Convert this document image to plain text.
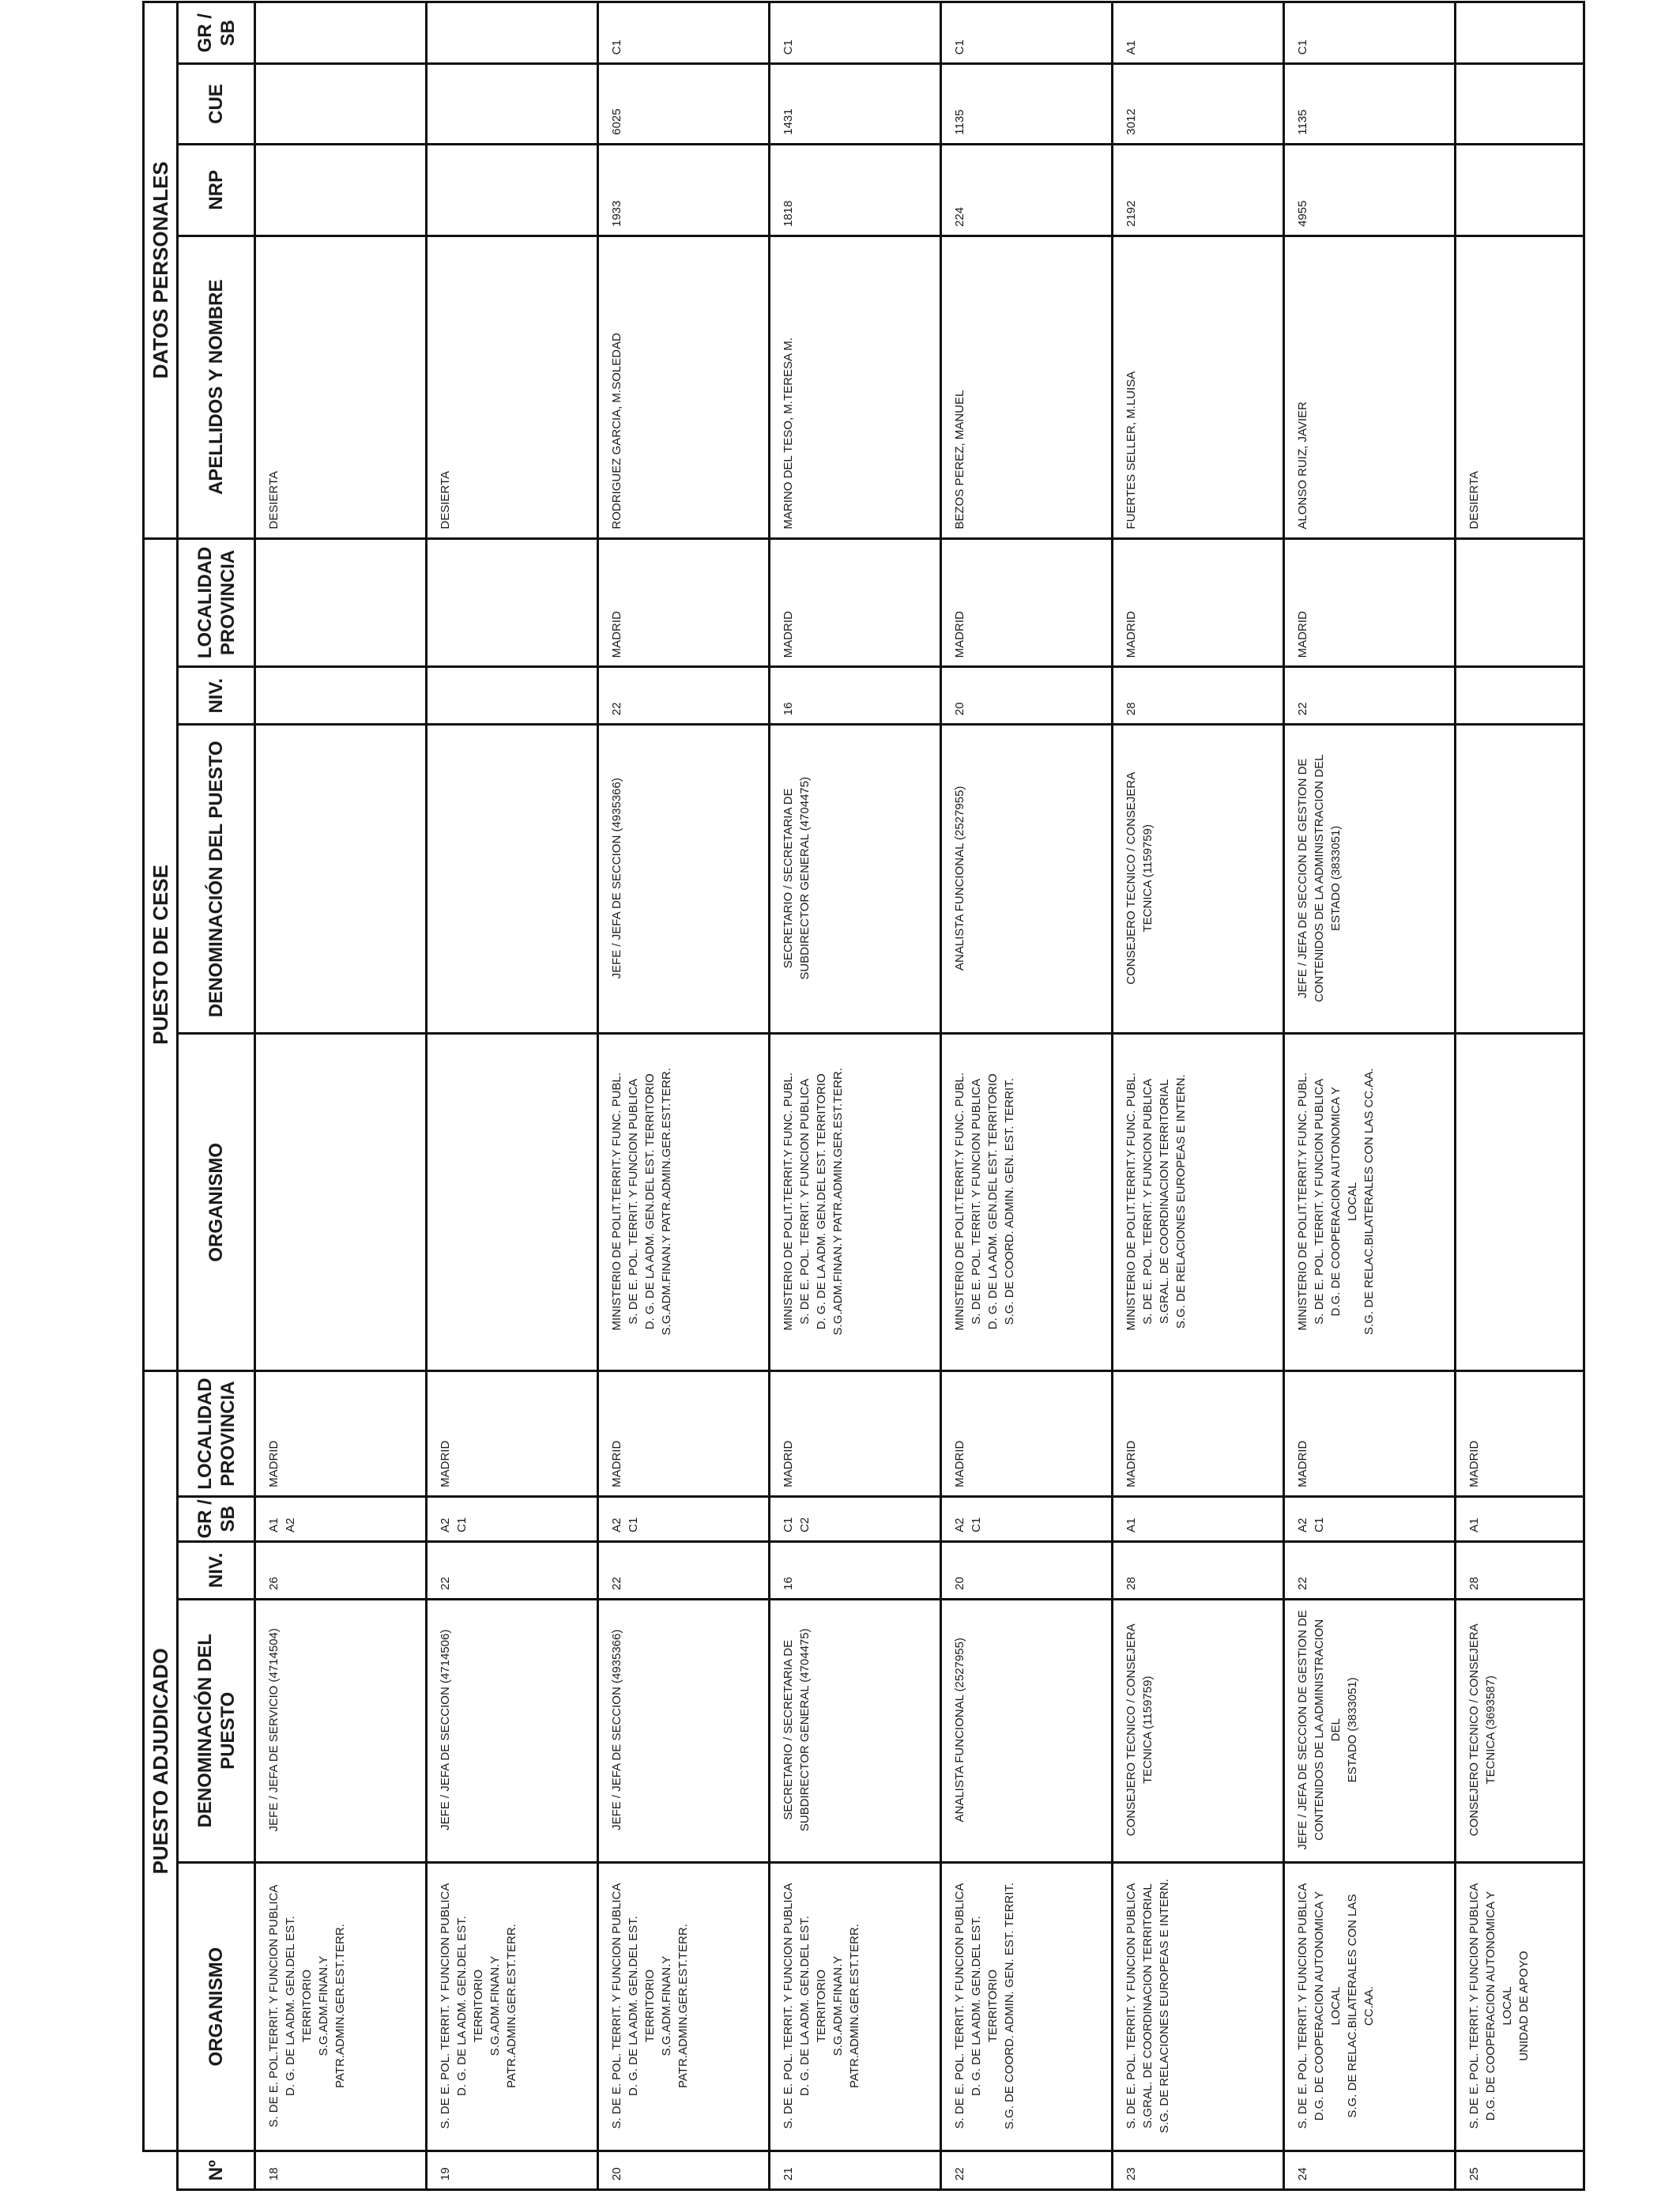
	PUESTO ADJUDICADO					PUESTO DE CESE				DATOS PERSONALES			
Nº	ORGANISMO	DENOMINACIÓN DEL PUESTO	NIV.	GR / SB	LOCALIDAD PROVINCIA	ORGANISMO	DENOMINACIÓN DEL PUESTO	NIV.	LOCALIDAD PROVINCIA	APELLIDOS Y NOMBRE	NRP	CUE	GR / SB
18	S. DE E. POL.TERRIT. Y FUNCION PUBLICA D. G. DE LA ADM. GEN.DEL EST. TERRITORIO S.G.ADM.FINAN.Y PATR.ADMIN.GER.EST.TERR.	JEFE / JEFA DE SERVICIO (4714504)	26	A1 A2	MADRID					DESIERTA			
19	S. DE E. POL. TERRIT. Y FUNCION PUBLICA D. G. DE LA ADM. GEN.DEL EST. TERRITORIO S.G.ADM.FINAN.Y PATR.ADMIN.GER.EST.TERR.	JEFE / JEFA DE SECCION (4714506)	22	A2 C1	MADRID					DESIERTA			
20	S. DE E. POL. TERRIT. Y FUNCION PUBLICA D. G. DE LA ADM. GEN.DEL EST. TERRITORIO S.G.ADM.FINAN.Y PATR.ADMIN.GER.EST.TERR.	JEFE / JEFA DE SECCION (4935366)	22	A2 C1	MADRID	MINISTERIO DE POLIT.TERRIT.Y FUNC. PUBL. S. DE E. POL. TERRIT. Y FUNCION PUBLICA D. G. DE LA ADM. GEN.DEL EST. TERRITORIO S.G.ADM.FINAN.Y PATR.ADMIN.GER.EST.TERR.	JEFE / JEFA DE SECCION (4935366)	22	MADRID	RODRIGUEZ GARCIA, M.SOLEDAD	1933	6025	C1
21	S. DE E. POL. TERRIT. Y FUNCION PUBLICA D. G. DE LA ADM. GEN.DEL EST. TERRITORIO S.G.ADM.FINAN.Y PATR.ADMIN.GER.EST.TERR.	SECRETARIO / SECRETARIA DE SUBDIRECTOR GENERAL (4704475)	16	C1 C2	MADRID	MINISTERIO DE POLIT.TERRIT.Y FUNC. PUBL. S. DE E. POL. TERRIT. Y FUNCION PUBLICA D. G. DE LA ADM. GEN.DEL EST. TERRITORIO S.G.ADM.FINAN.Y PATR.ADMIN.GER.EST.TERR.	SECRETARIO / SECRETARIA DE SUBDIRECTOR GENERAL (4704475)	16	MADRID	MARINO DEL TESO, M.TERESA M.	1818	1431	C1
22	S. DE E. POL. TERRIT. Y FUNCION PUBLICA D. G. DE LA ADM. GEN.DEL EST. TERRITORIO S.G. DE COORD. ADMIN. GEN. EST. TERRIT.	ANALISTA FUNCIONAL (2527955)	20	A2 C1	MADRID	MINISTERIO DE POLIT.TERRIT.Y FUNC. PUBL. S. DE E. POL. TERRIT. Y FUNCION PUBLICA D. G. DE LA ADM. GEN.DEL EST. TERRITORIO S.G. DE COORD. ADMIN. GEN. EST. TERRIT.	ANALISTA FUNCIONAL (2527955)	20	MADRID	BEZOS PEREZ, MANUEL	224	1135	C1
23	S. DE E. POL. TERRIT. Y FUNCION PUBLICA S.GRAL. DE COORDINACION TERRITORIAL S.G. DE RELACIONES EUROPEAS E INTERN.	CONSEJERO TECNICO / CONSEJERA TECNICA (1159759)	28	A1	MADRID	MINISTERIO DE POLIT.TERRIT.Y FUNC. PUBL. S. DE E. POL. TERRIT. Y FUNCION PUBLICA S.GRAL. DE COORDINACION TERRITORIAL S.G. DE RELACIONES EUROPEAS E INTERN.	CONSEJERO TECNICO / CONSEJERA TECNICA (1159759)	28	MADRID	FUERTES SELLER, M.LUISA	2192	3012	A1
24	S. DE E. POL. TERRIT. Y FUNCION PUBLICA D.G. DE COOPERACION AUTONOMICA Y LOCAL S.G. DE RELAC.BILATERALES CON LAS CC.AA.	JEFE / JEFA DE SECCION DE GESTION DE CONTENIDOS DE LA ADMINISTRACION DEL ESTADO (3833051)	22	A2 C1	MADRID	MINISTERIO DE POLIT.TERRIT.Y FUNC. PUBL. S. DE E. POL. TERRIT. Y FUNCION PUBLICA D.G. DE COOPERACION AUTONOMICA Y LOCAL S.G. DE RELAC.BILATERALES CON LAS CC.AA.	JEFE / JEFA DE SECCION DE GESTION DE CONTENIDOS DE LA ADMINISTRACION DEL ESTADO (3833051)	22	MADRID	ALONSO RUIZ, JAVIER	4955	1135	C1
25	S. DE E. POL. TERRIT. Y FUNCION PUBLICA D.G. DE COOPERACION AUTONOMICA Y LOCAL UNIDAD DE APOYO	CONSEJERO TECNICO / CONSEJERA TECNICA (3693587)	28	A1	MADRID					DESIERTA			
